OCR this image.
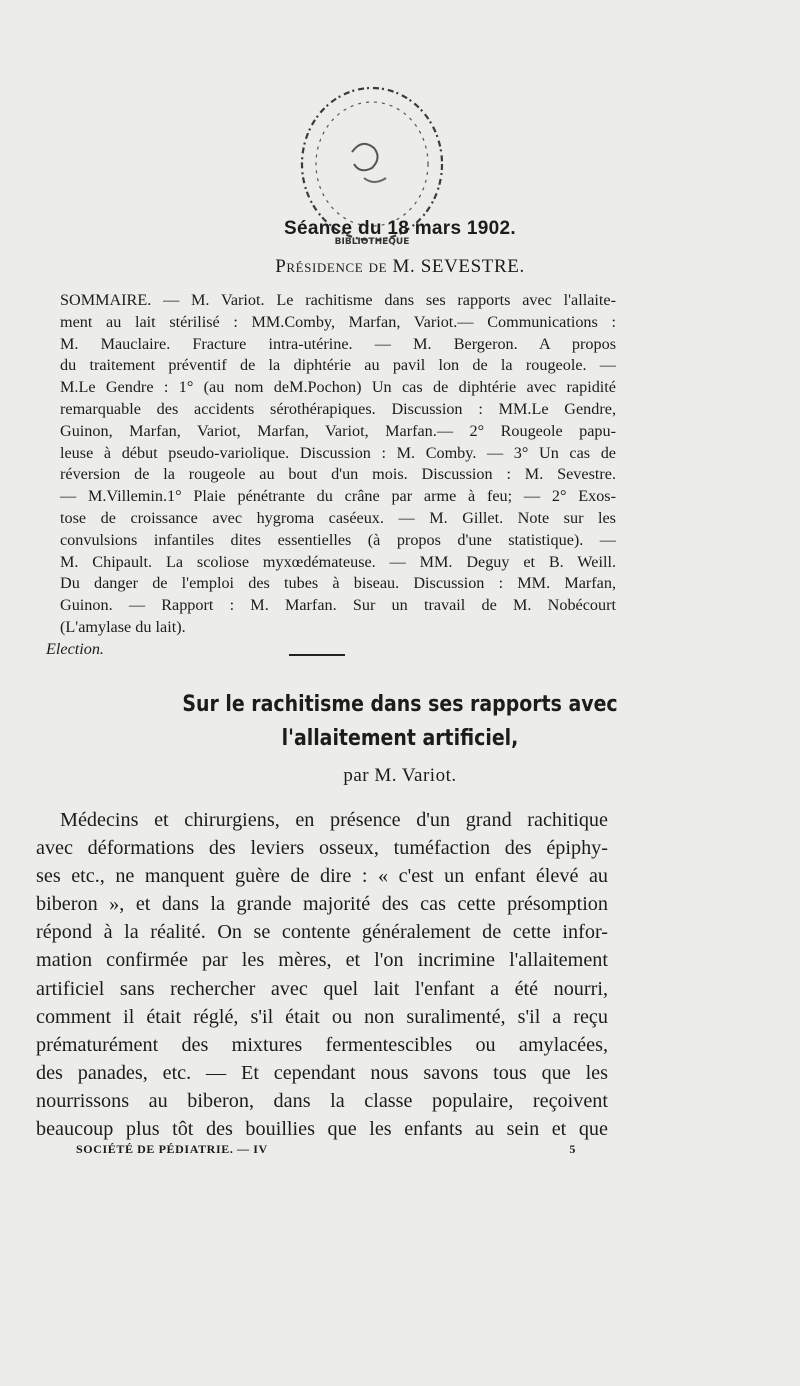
BIBLIOTHEQUE
Séance du 18 mars 1902.
Présidence de M. SEVESTRE.
SOMMAIRE. — M. Variot. Le rachitisme dans ses rapports avec l'allaite-
ment au lait stérilisé : MM.Comby, Marfan, Variot.— Communications :
M. Mauclaire. Fracture intra-utérine. — M. Bergeron. A propos
du traitement préventif de la diphtérie au pavil lon de la rougeole. —
M.Le Gendre : 1° (au nom deM.Pochon) Un cas de diphtérie avec rapidité
remarquable des accidents sérothérapiques. Discussion : MM.Le Gendre,
Guinon, Marfan, Variot, Marfan, Variot, Marfan.— 2° Rougeole papu-
leuse à début pseudo-variolique. Discussion : M. Comby. — 3° Un cas de
réversion de la rougeole au bout d'un mois. Discussion : M. Sevestre.
— M.Villemin.1° Plaie pénétrante du crâne par arme à feu; — 2° Exos-
tose de croissance avec hygroma caséeux. — M. Gillet. Note sur les
convulsions infantiles dites essentielles (à propos d'une statistique). —
M. Chipault. La scoliose myxœdémateuse. — MM. Deguy et B. Weill.
Du danger de l'emploi des tubes à biseau. Discussion : MM. Marfan,
Guinon. — Rapport : M. Marfan. Sur un travail de M. Nobécourt
(L'amylase du lait).
Election.
Sur le rachitisme dans ses rapports avec
l'allaitement artificiel,
par M. Variot.
Médecins et chirurgiens, en présence d'un grand rachitique
avec déformations des leviers osseux, tuméfaction des épiphy-
ses etc., ne manquent guère de dire : « c'est un enfant élevé au
biberon », et dans la grande majorité des cas cette présomption
répond à la réalité. On se contente généralement de cette infor-
mation confirmée par les mères, et l'on incrimine l'allaitement
artificiel sans rechercher avec quel lait l'enfant a été nourri,
comment il était réglé, s'il était ou non suralimenté, s'il a reçu
prématurément des mixtures fermentescibles ou amylacées,
des panades, etc. — Et cependant nous savons tous que les
nourrissons au biberon, dans la classe populaire, reçoivent
beaucoup plus tôt des bouillies que les enfants au sein et que
SOCIÉTÉ DE PÉDIATRIE. — IV	5
